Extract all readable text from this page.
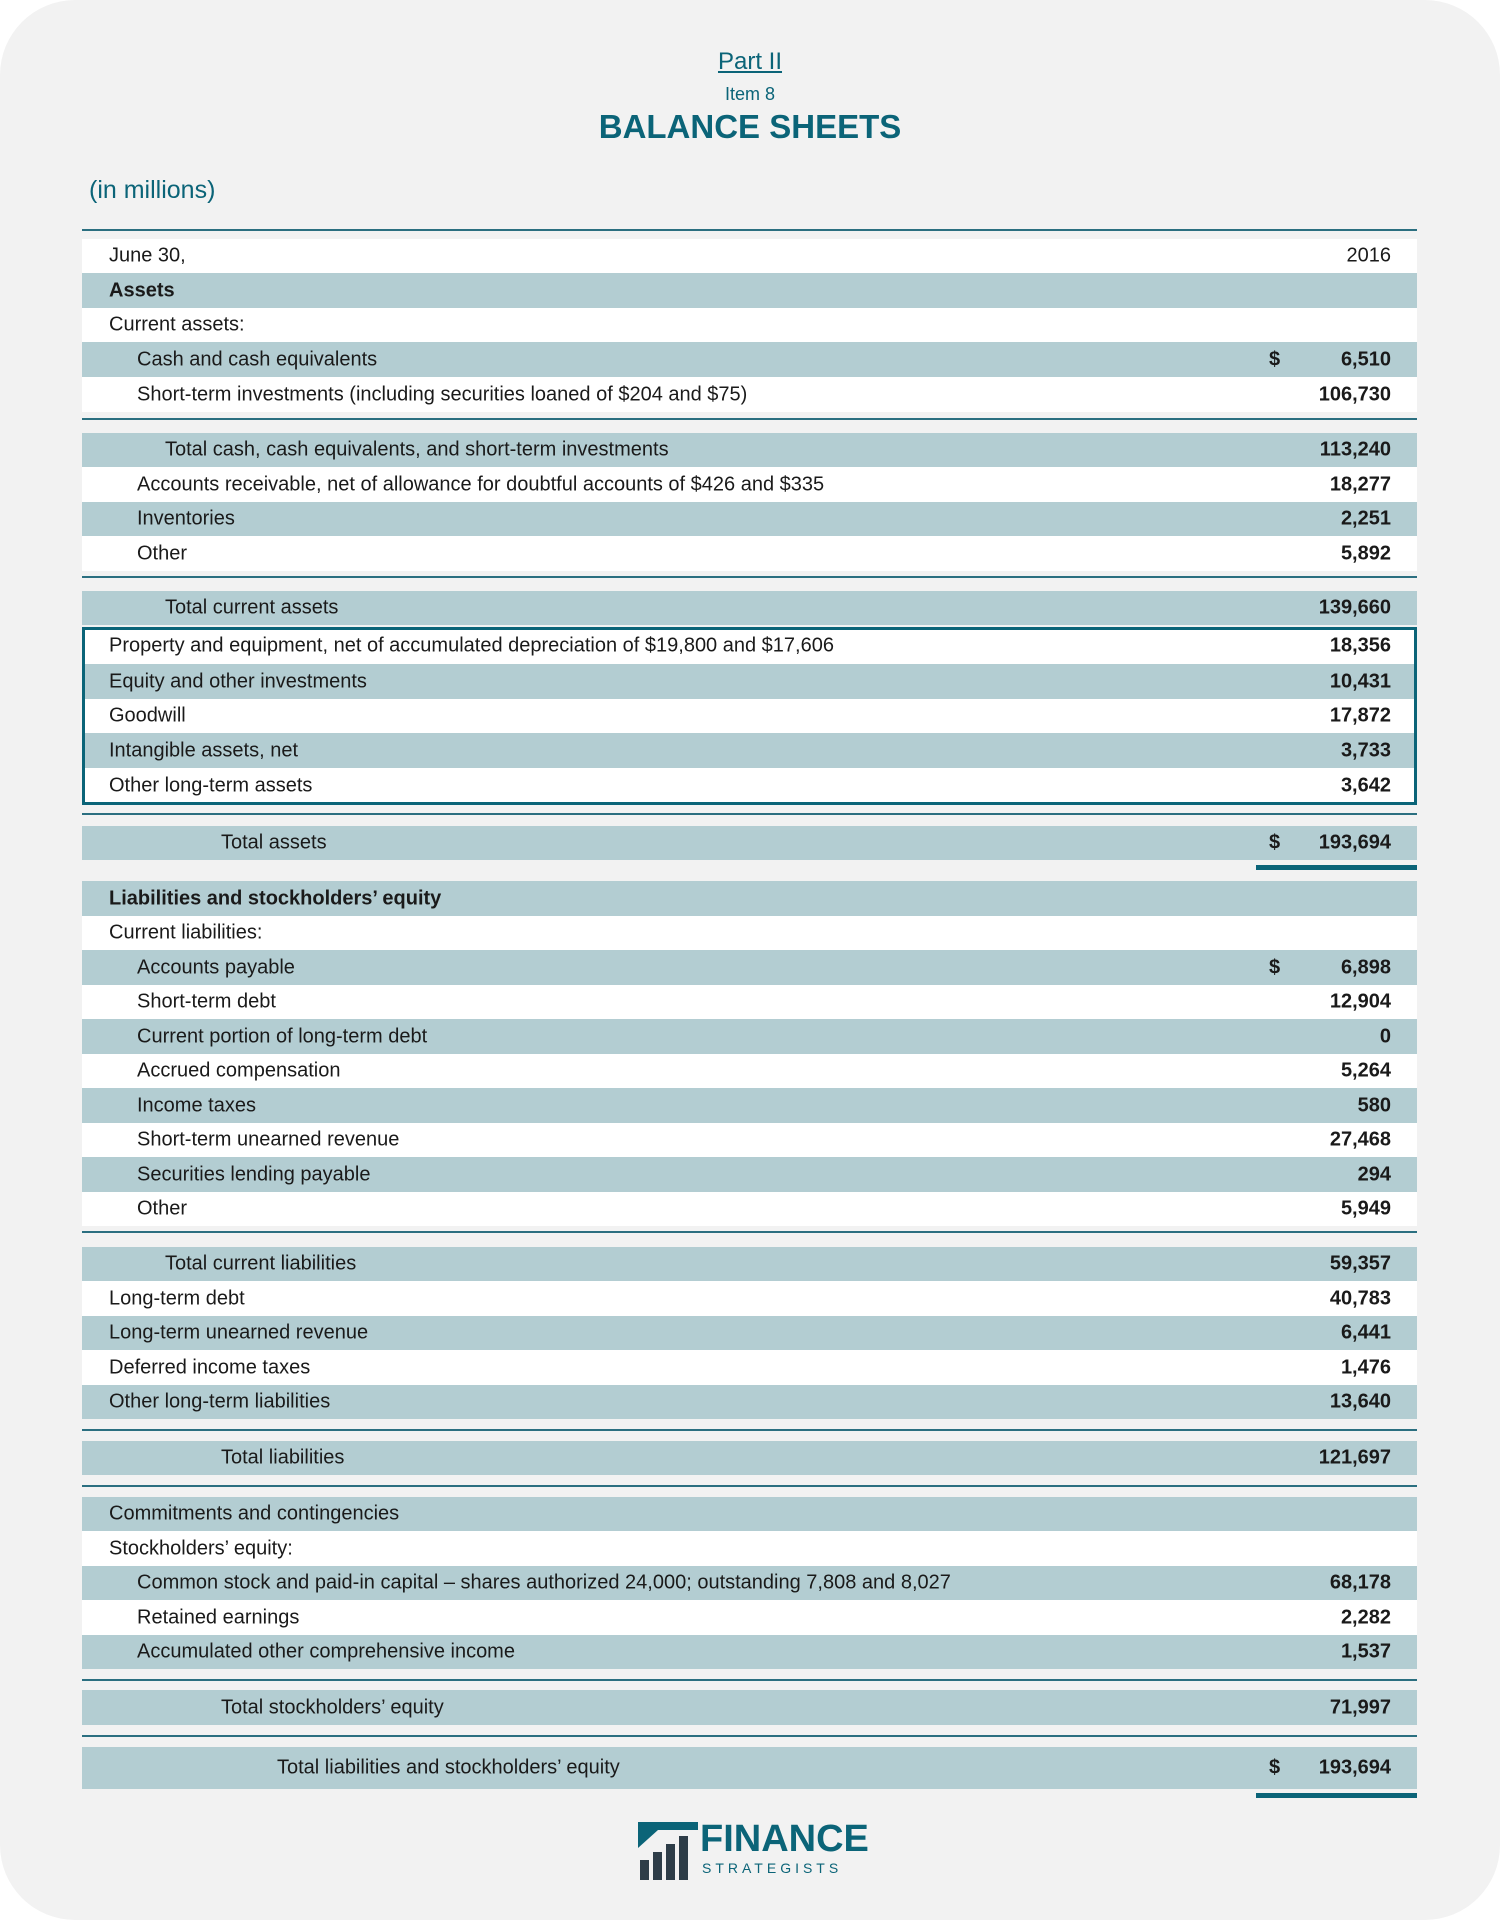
Part II
Item 8
BALANCE SHEETS
(in millions)
June 30,	2016
Assets
Current assets:
Cash and cash equivalents	$	6,510
Short-term investments (including securities loaned of $204 and $75)	106,730
Total cash, cash equivalents, and short-term investments	113,240
Accounts receivable, net of allowance for doubtful accounts of $426 and $335	18,277
Inventories	2,251
Other	5,892
Total current assets	139,660
Property and equipment, net of accumulated depreciation of $19,800 and $17,606	18,356
Equity and other investments	10,431
Goodwill	17,872
Intangible assets, net	3,733
Other long-term assets	3,642
Total assets	$ 193,694
Liabilities and stockholders’ equity
Current liabilities:
Accounts payable	$	6,898
Short-term debt	12,904
Current portion of long-term debt	0
Accrued compensation	5,264
Income taxes	580
Short-term unearned revenue	27,468
Securities lending payable	294
Other	5,949
Total current liabilities	59,357
Long-term debt	40,783
Long-term unearned revenue	6,441
Deferred income taxes	1,476
Other long-term liabilities	13,640
Total liabilities	121,697
Commitments and contingencies
Stockholders’ equity:
Common stock and paid-in capital – shares authorized 24,000; outstanding 7,808 and 8,027	68,178
Retained earnings	2,282
Accumulated other comprehensive income	1,537
Total stockholders’ equity	71,997
Total liabilities and stockholders’ equity	$ 193,694
FINANCE
STRATEGISTS
